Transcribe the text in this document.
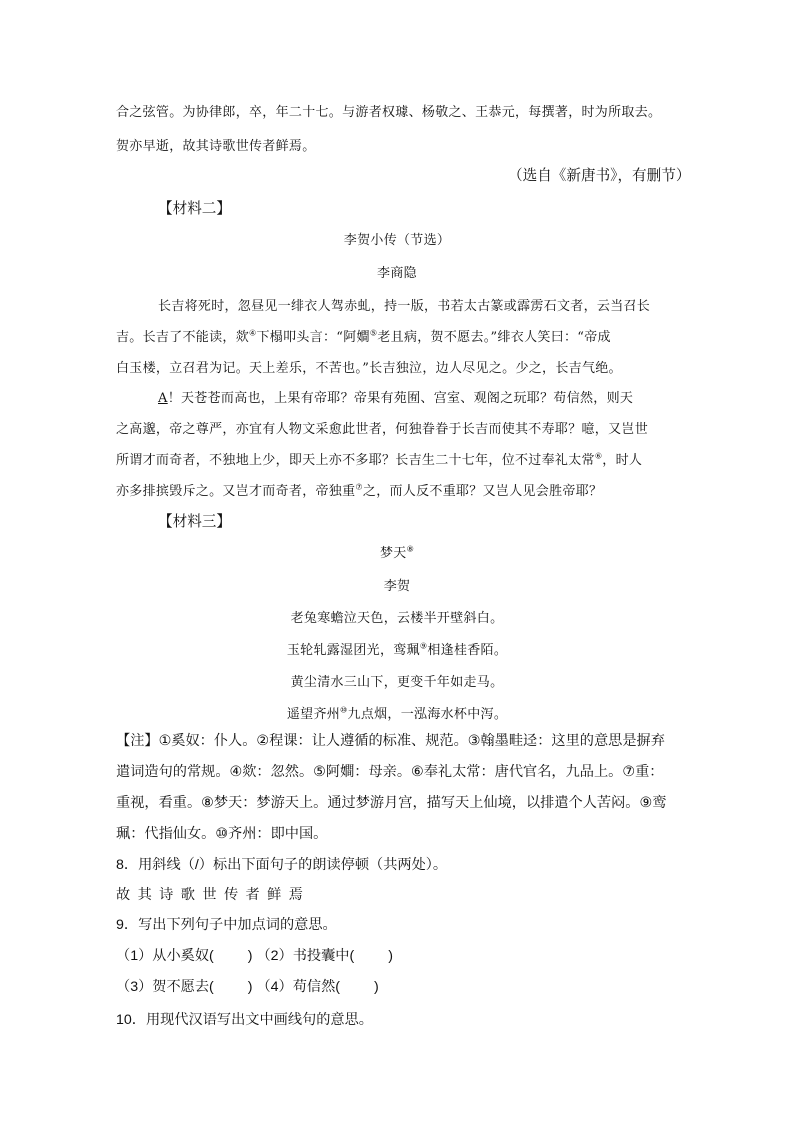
合之弦管。为协律郎，卒，年二十七。与游者权璩、杨敬之、王恭元，每撰著，时为所取去。
贺亦早逝，故其诗歌世传者鲜焉。
（选自《新唐书》，有删节）
【材料二】
李贺小传（节选）
李商隐
长吉将死时，忽昼见一绯衣人驾赤虬，持一版，书若太古篆或霹雳石文者，云当召长
吉。长吉了不能读，欻④下榻叩头言：“阿𡢃⑤老且病，贺不愿去。”绯衣人笑曰：“帝成
白玉楼，立召君为记。天上差乐，不苦也。”长吉独泣，边人尽见之。少之，长吉气绝。
A！天苍苍而高也，上果有帝耶？帝果有苑囿、宫室、观阁之玩耶？苟信然，则天
之高邈，帝之尊严，亦宜有人物文采愈此世者，何独眷眷于长吉而使其不寿耶？噫，又岂世
所谓才而奇者，不独地上少，即天上亦不多耶？长吉生二十七年，位不过奉礼太常⑥，时人
亦多排摈毁斥之。又岂才而奇者，帝独重⑦之，而人反不重耶？又岂人见会胜帝耶？
【材料三】
梦天⑧
李贺
老兔寒蟾泣天色，云楼半开壁斜白。
玉轮轧露湿团光，鸾珮⑨相逢桂香陌。
黄尘清水三山下，更变千年如走马。
遥望齐州⑩九点烟，一泓海水杯中泻。
【注】①奚奴：仆人。②程课：让人遵循的标准、规范。③翰墨畦迳：这里的意思是摒弃
遣词造句的常规。④欻：忽然。⑤阿𡢃：母亲。⑥奉礼太常：唐代官名，九品上。⑦重：
重视，看重。⑧梦天：梦游天上。通过梦游月宫，描写天上仙境，以排遣个人苦闷。⑨鸾
珮：代指仙女。⑩齐州：即中国。
8．用斜线（/）标出下面句子的朗读停顿（共两处）。
故其诗歌世传者鲜焉
9．写出下列句子中加点词的意思。
（1）从小奚奴( ) （2）书投囊中( )
（3）贺不愿去( ) （4）苟信然( )
10．用现代汉语写出文中画线句的意思。
